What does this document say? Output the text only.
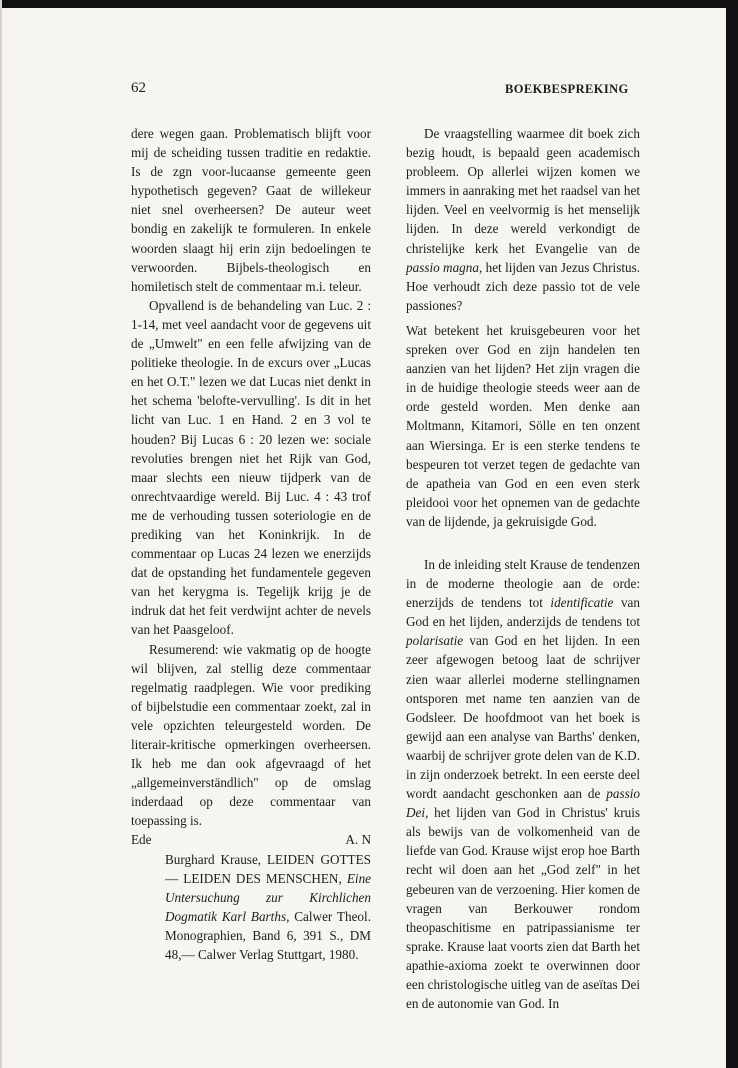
62	BOEKBESPREKING

dere wegen gaan. Problematisch blijft voor mij de scheiding tussen traditie en redaktie. Is de zgn voor-lucaanse gemeente geen hypothetisch gegeven? Gaat de willekeur niet snel overheersen? De auteur weet bondig en zakelijk te formuleren. In enkele woorden slaagt hij erin zijn bedoelingen te verwoorden. Bijbels-theologisch en homiletisch stelt de commentaar m.i. teleur.

Opvallend is de behandeling van Luc. 2 : 1-14, met veel aandacht voor de gegevens uit de „Umwelt" en een felle afwijzing van de politieke theologie. In de excurs over „Lucas en het O.T." lezen we dat Lucas niet denkt in het schema 'belofte-vervulling'. Is dit in het licht van Luc. 1 en Hand. 2 en 3 vol te houden? Bij Lucas 6 : 20 lezen we: sociale revoluties brengen niet het Rijk van God, maar slechts een nieuw tijdperk van de onrechtvaardige wereld. Bij Luc. 4 : 43 trof me de verhouding tussen soteriologie en de prediking van het Koninkrijk. In de commentaar op Lucas 24 lezen we enerzijds dat de opstanding het fundamentele gegeven van het kerygma is. Tegelijk krijg je de indruk dat het feit verdwijnt achter de nevels van het Paasgeloof.

Resumerend: wie vakmatig op de hoogte wil blijven, zal stellig deze commentaar regelmatig raadplegen. Wie voor prediking of bijbelstudie een commentaar zoekt, zal in vele opzichten teleurgesteld worden. De literair-kritische opmerkingen overheersen. Ik heb me dan ook afgevraagd of het „allgemeinverständlich" op de omslag inderdaad op deze commentaar van toepassing is.

Ede	A. N

Burghard Krause, LEIDEN GOTTES — LEIDEN DES MENSCHEN, Eine Untersuchung zur Kirchlichen Dogmatik Karl Barths, Calwer Theol. Monographien, Band 6, 391 S., DM 48,— Calwer Verlag Stuttgart, 1980.

De vraagstelling waarmee dit boek zich bezig houdt, is bepaald geen academisch probleem. Op allerlei wijzen komen we immers in aanraking met het raadsel van het lijden. Veel en veelvormig is het menselijk lijden. In deze wereld verkondigt de christelijke kerk het Evangelie van de passio magna, het lijden van Jezus Christus. Hoe verhoudt zich deze passio tot de vele passiones?

Wat betekent het kruisgebeuren voor het spreken over God en zijn handelen ten aanzien van het lijden? Het zijn vragen die in de huidige theologie steeds weer aan de orde gesteld worden. Men denke aan Moltmann, Kitamori, Sölle en ten onzent aan Wiersinga. Er is een sterke tendens te bespeuren tot verzet tegen de gedachte van de apatheia van God en een even sterk pleidooi voor het opnemen van de gedachte van de lijdende, ja gekruisigde God.

In de inleiding stelt Krause de tendenzen in de moderne theologie aan de orde: enerzijds de tendens tot identificatie van God en het lijden, anderzijds de tendens tot polarisatie van God en het lijden. In een zeer afgewogen betoog laat de schrijver zien waar allerlei moderne stellingnamen ontsporen met name ten aanzien van de Godsleer. De hoofdmoot van het boek is gewijd aan een analyse van Barths' denken, waarbij de schrijver grote delen van de K.D. in zijn onderzoek betrekt. In een eerste deel wordt aandacht geschonken aan de passio Dei, het lijden van God in Christus' kruis als bewijs van de volkomenheid van de liefde van God. Krause wijst erop hoe Barth recht wil doen aan het „God zelf" in het gebeuren van de verzoening. Hier komen de vragen van Berkouwer rondom theopaschitisme en patripassianisme ter sprake. Krause laat voorts zien dat Barth het apathie-axioma zoekt te overwinnen door een christologische uitleg van de aseïtas Dei en de autonomie van God. In
